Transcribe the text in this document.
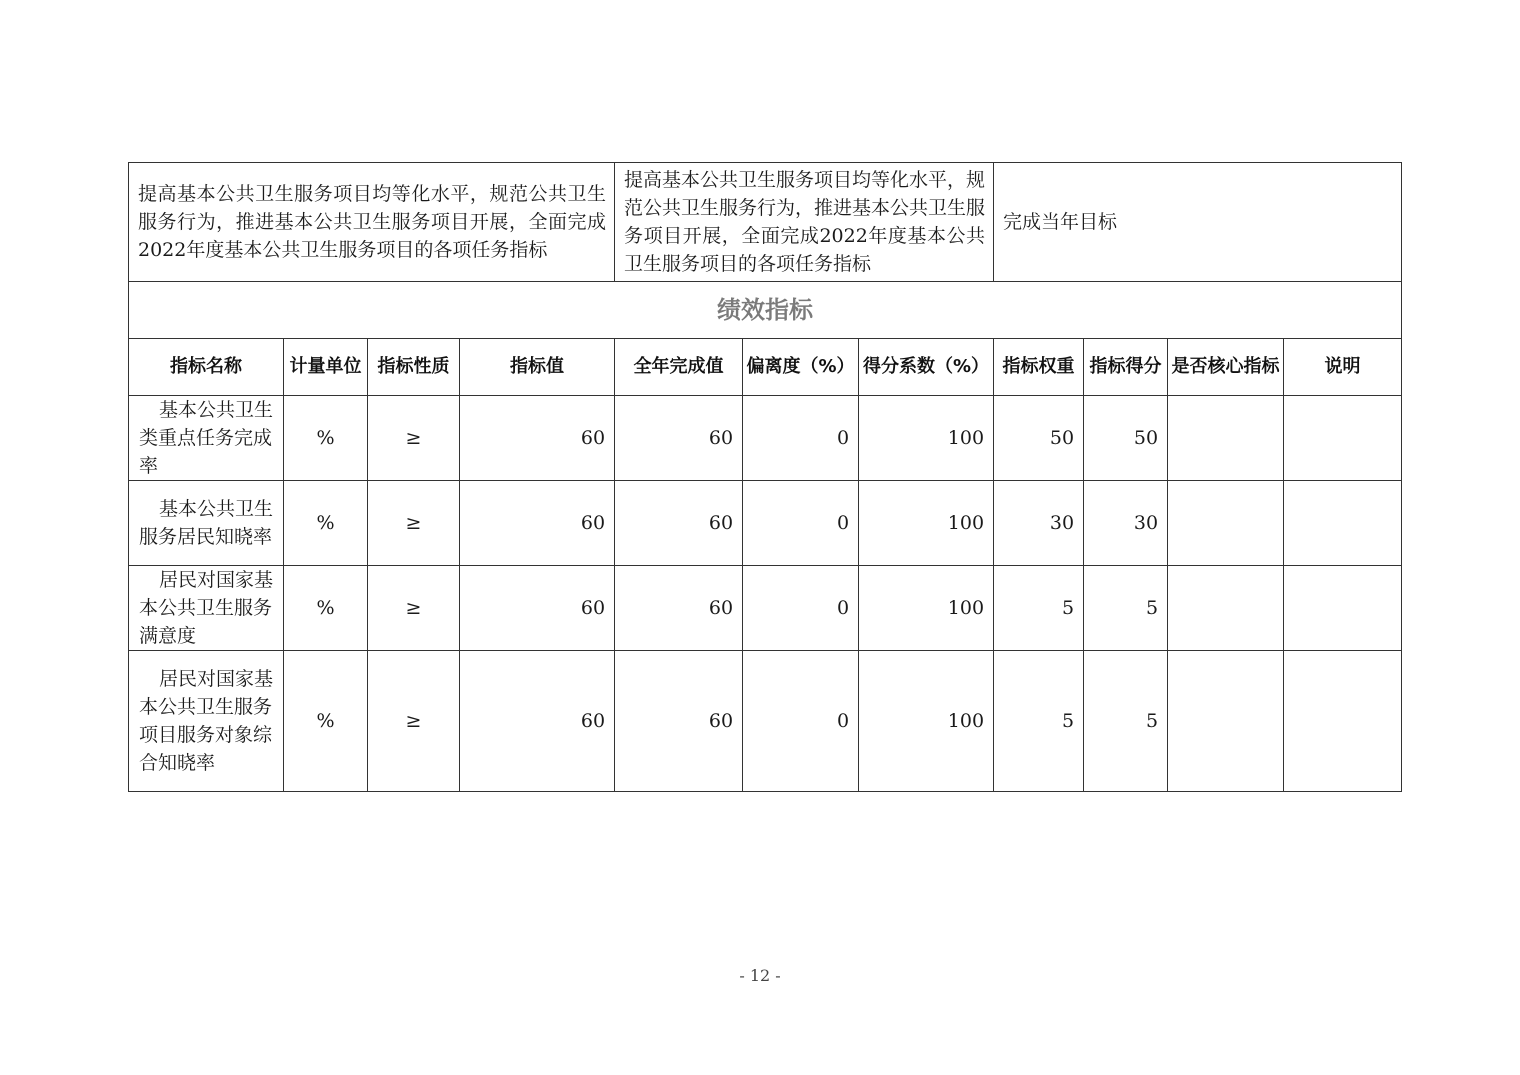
提高基本公共卫生服务项目均等化水平，规范公共卫生服务行为，推进基本公共卫生服务项目开展，全面完成2022年度基本公共卫生服务项目的各项任务指标				提高基本公共卫生服务项目均等化水平，规范公共卫生服务行为，推进基本公共卫生服务项目开展，全面完成2022年度基本公共卫生服务项目的各项任务指标			完成当年目标			
绩效指标										
指标名称	计量单位	指标性质	指标值	全年完成值	偏离度（%）	得分系数（%）	指标权重	指标得分	是否核心指标	说明
基本公共卫生类重点任务完成率	%	≥	60	60	0	100	50	50		
基本公共卫生服务居民知晓率	%	≥	60	60	0	100	30	30		
居民对国家基本公共卫生服务满意度	%	≥	60	60	0	100	5	5		
居民对国家基本公共卫生服务项目服务对象综合知晓率	%	≥	60	60	0	100	5	5		
- 12 -
